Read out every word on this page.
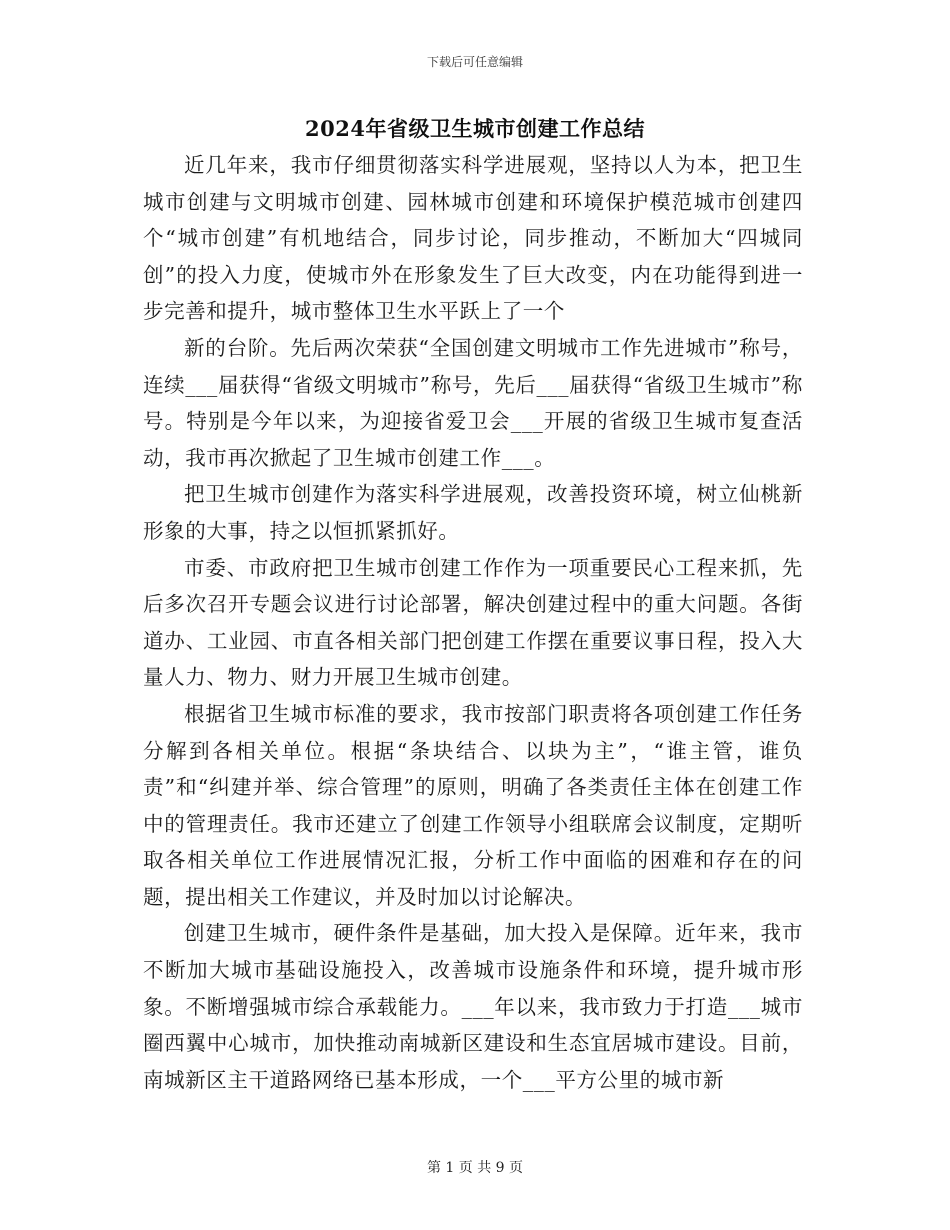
下载后可任意编辑
2024年省级卫生城市创建工作总结

近几年来，我市仔细贯彻落实科学进展观，坚持以人为本，把卫生城市创建与文明城市创建、园林城市创建和环境保护模范城市创建四个“城市创建”有机地结合，同步讨论，同步推动，不断加大“四城同创”的投入力度，使城市外在形象发生了巨大改变，内在功能得到进一步完善和提升，城市整体卫生水平跃上了一个

新的台阶。先后两次荣获“全国创建文明城市工作先进城市”称号，连续___届获得“省级文明城市”称号，先后___届获得“省级卫生城市”称号。特别是今年以来，为迎接省爱卫会___开展的省级卫生城市复查活动，我市再次掀起了卫生城市创建工作___。

把卫生城市创建作为落实科学进展观，改善投资环境，树立仙桃新形象的大事，持之以恒抓紧抓好。

市委、市政府把卫生城市创建工作作为一项重要民心工程来抓，先后多次召开专题会议进行讨论部署，解决创建过程中的重大问题。各街道办、工业园、市直各相关部门把创建工作摆在重要议事日程，投入大量人力、物力、财力开展卫生城市创建。

根据省卫生城市标准的要求，我市按部门职责将各项创建工作任务分解到各相关单位。根据“条块结合、以块为主”，“谁主管，谁负责”和“纠建并举、综合管理”的原则，明确了各类责任主体在创建工作中的管理责任。我市还建立了创建工作领导小组联席会议制度，定期听取各相关单位工作进展情况汇报，分析工作中面临的困难和存在的问题，提出相关工作建议，并及时加以讨论解决。

创建卫生城市，硬件条件是基础，加大投入是保障。近年来，我市不断加大城市基础设施投入，改善城市设施条件和环境，提升城市形象。不断增强城市综合承载能力。___年以来，我市致力于打造___城市圈西翼中心城市，加快推动南城新区建设和生态宜居城市建设。目前，南城新区主干道路网络已基本形成，一个___平方公里的城市新

第 1 页 共 9 页
